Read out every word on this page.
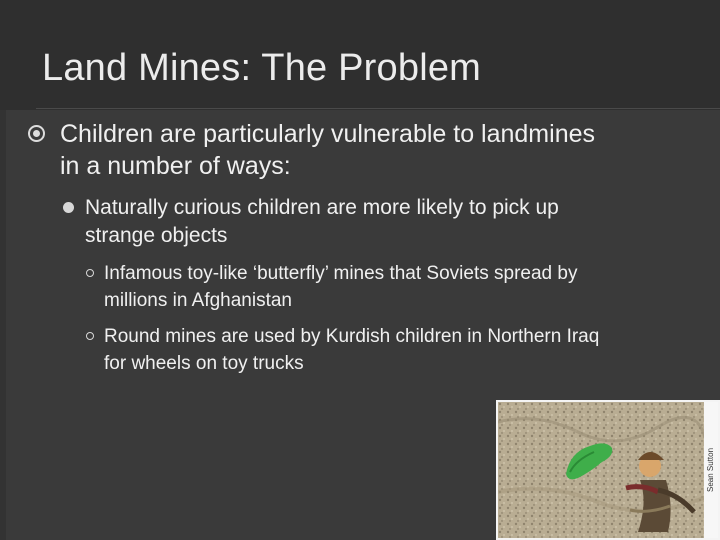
Land Mines: The Problem
Children are particularly vulnerable to landmines in a number of ways:
Naturally curious children are more likely to pick up strange objects
Infamous toy-like ‘butterfly’ mines that Soviets spread by millions in Afghanistan
Round mines are used by Kurdish children in Northern Iraq for wheels on toy trucks
Sean Sutton
